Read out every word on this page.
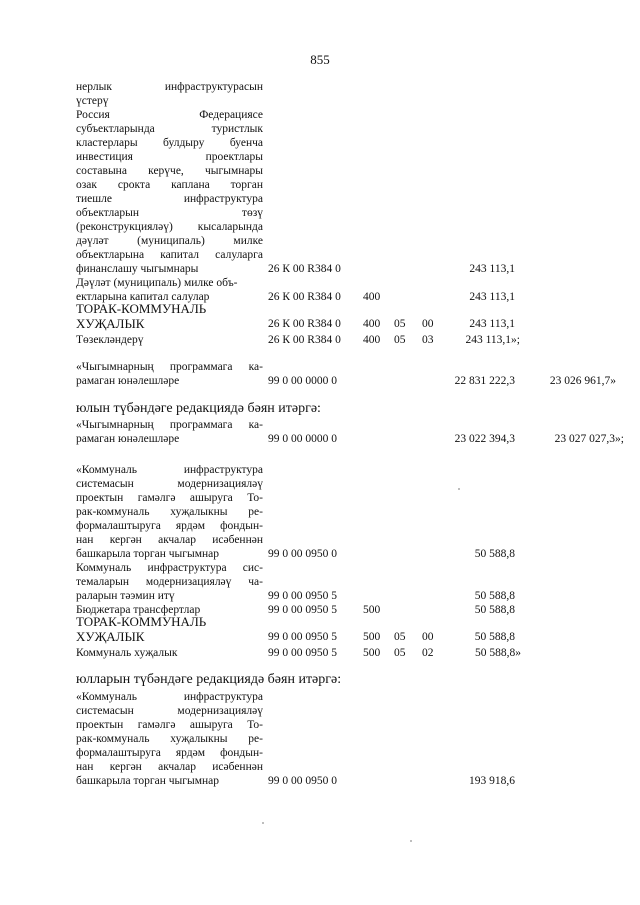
855
нерлык инфраструктурасын
үстерү
Россия Федерациясе
субъектларында туристлык
кластерлары булдыру буенча
инвестиция проектлары
составына керүче, чыгымнары
озак срокта каплана торган
тиешле инфраструктура
объектларын төзү
(реконструкцияләү) кысаларында
дәүләт (муниципаль) милке
объектларына капитал салуларга
финанслашу чыгымнары	26 К 00 R384 0	243 113,1
Дәүләт (муниципаль) милке объ-
ектларына капитал салулар	26 К 00 R384 0 400	243 113,1
ТОРАК-КОММУНАЛЬ
ХУҖАЛЫК	26 К 00 R384 0 400 05 00	243 113,1
Төзекләндерү	26 К 00 R384 0 400 05 03	243 113,1»;
«Чыгымнарның программага ка-
рамаган юнәлешләре	99 0 00 0000 0	22 831 222,3	23 026 961,7»
юлын түбәндәге редакциядә бәян итәргә:
«Чыгымнарның программага ка-
рамаган юнәлешләре	99 0 00 0000 0	23 022 394,3	23 027 027,3»;
«Коммуналь инфраструктура
системасын модернизацияләү
проектын гамәлгә ашыруга То-
рак-коммуналь хуҗалыкны ре-
формалаштыруга ярдәм фондын-
нан кергән акчалар исәбеннән
башкарыла торган чыгымнар	99 0 00 0950 0	50 588,8
Коммуналь инфраструктура сис-
темаларын модернизацияләү ча-
раларын тәэмин итү	99 0 00 0950 5	50 588,8
Бюджетара трансфертлар	99 0 00 0950 5 500	50 588,8
ТОРАК-КОММУНАЛЬ
ХУҖАЛЫК	99 0 00 0950 5 500 05 00	50 588,8
Коммуналь хуҗалык	99 0 00 0950 5 500 05 02	50 588,8»
юлларын түбәндәге редакциядә бәян итәргә:
«Коммуналь инфраструктура
системасын модернизацияләү
проектын гамәлгә ашыруга То-
рак-коммуналь хуҗалыкны ре-
формалаштыруга ярдәм фондын-
нан кергән акчалар исәбеннән
башкарыла торган чыгымнар	99 0 00 0950 0	193 918,6
